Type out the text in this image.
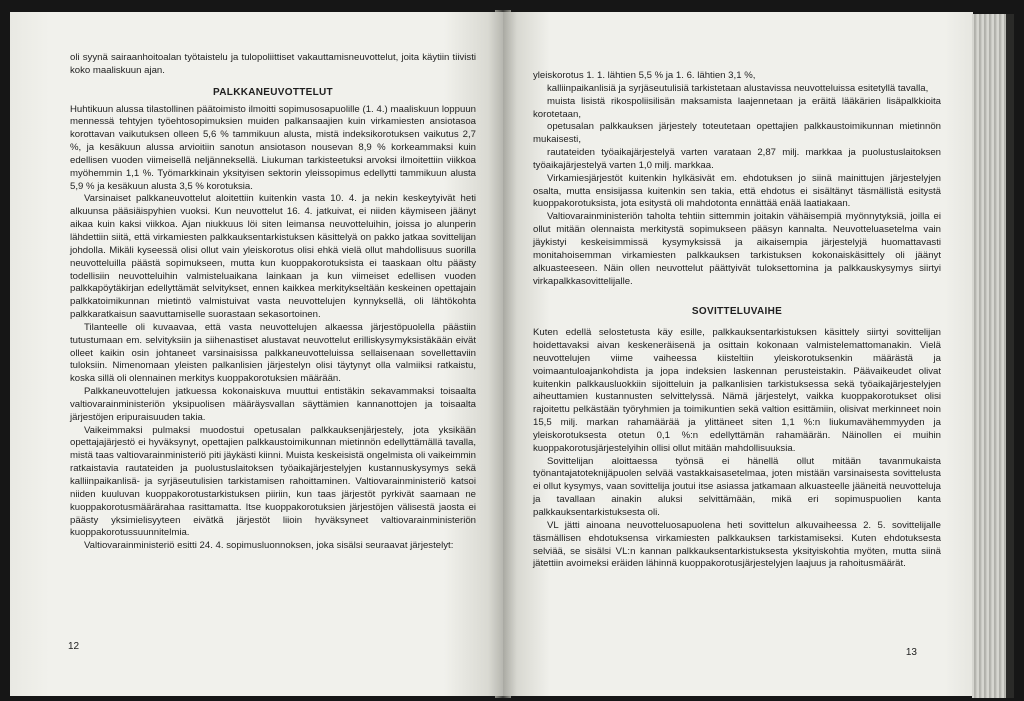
oli syynä sairaanhoitoalan työtaistelu ja tulopoliittiset vakauttamisneuvottelut, joita käytiin tiivisti koko maaliskuun ajan.

PALKKANEUVOTTELUT

Huhtikuun alussa tilastollinen päätoimisto ilmoitti sopimusosapuolille (1. 4.) maaliskuun loppuun mennessä tehtyjen työehtosopimuksien muiden palkansaajien kuin virkamiesten ansiotasoa korottavan vaikutuksen olleen 5,6 % tammikuun alusta, mistä indeksikorotuksen vaikutus 2,7 %, ja kesäkuun alussa arvioitiin sanotun ansiotason nousevan 8,9 % korkeammaksi kuin edellisen vuoden viimeisellä neljänneksellä. Liukuman tarkisteetuksi arvoksi ilmoitettiin viikkoa myöhemmin 1,1 %. Työmarkkinain yksityisen sektorin yleissopimus edellytti tammikuun alusta 5,9 % ja kesäkuun alusta 3,5 % korotuksia.

Varsinaiset palkkaneuvottelut aloitettiin kuitenkin vasta 10. 4. ja nekin keskeytyivät heti alkuunsa pääsiäispyhien vuoksi. Kun neuvottelut 16. 4. jatkuivat, ei niiden käymiseen jäänyt aikaa kuin kaksi viikkoa. Ajan niukkuus löi siten leimansa neuvotteluihin, joissa jo alunperin lähdettiin siitä, että virkamiesten palkkauksentarkistuksen käsittelyä on pakko jatkaa sovittelijan johdolla. Mikäli kyseessä olisi ollut vain yleiskorotus olisi ehkä vielä ollut mahdollisuus suorilla neuvotteluilla päästä sopimukseen, mutta kun kuoppakorotuksista ei taaskaan oltu päästy todellisiin neuvotteluihin valmisteluaikana lainkaan ja kun viimeiset edellisen vuoden palkkapöytäkirjan edellyttämät selvitykset, ennen kaikkea merkitykseltään keskeinen opettajain palkkatoimikunnan mietintö valmistuivat vasta neuvottelujen kynnyksellä, oli lähtökohta palkkaratkaisun saavuttamiselle suorastaan sekasortoinen.

Tilanteelle oli kuvaavaa, että vasta neuvottelujen alkaessa järjestöpuolella päästiin tutustumaan em. selvityksiin ja siihenastiset alustavat neuvottelut erilliskysymyksistäkään eivät olleet kaikin osin johtaneet varsinaisissa palkkaneuvotteluissa sellaisenaan sovellettaviin tuloksiin. Nimenomaan yleisten palkanlisien järjestelyn olisi täytynyt olla valmiiksi ratkaistu, koska sillä oli olennainen merkitys kuoppakorotuksien määrään.

Palkkaneuvottelujen jatkuessa kokonaiskuva muuttui entistäkin sekavammaksi toisaalta valtiovarainministeriön yksipuolisen määräysvallan säyttämien kannanottojen ja toisaalta järjestöjen eripuraisuuden takia.

Vaikeimmaksi pulmaksi muodostui opetusalan palkkauksenjärjestely, jota yksikään opettajajärjestö ei hyväksynyt, opettajien palkkaustoimikunnan mietinnön edellyttämällä tavalla, mistä taas valtiovarainministeriö piti jäykästi kiinni. Muista keskeisistä ongelmista oli vaikeimmin ratkaistavia rautateiden ja puolustuslaitoksen työaikajärjestelyjen kustannuskysymys sekä kalliinpaikanlisä- ja syrjäseutulisien tarkistamisen rahoittaminen. Valtiovarainministeriö katsoi niiden kuuluvan kuoppakorotustarkistuksen piiriin, kun taas järjestöt pyrkivät saamaan ne kuoppakorotusmäärärahaa rasittamatta. Itse kuoppakorotuksien järjestöjen välisestä jaosta ei päästy yksimielisyyteen eivätkä järjestöt liioin hyväksyneet valtiovarainministeriön kuoppakorotussuunnitelmia.

Valtiovarainministeriö esitti 24. 4. sopimusluonnoksen, joka sisälsi seuraavat järjestelyt:

12

yleiskorotus 1. 1. lähtien 5,5 % ja 1. 6. lähtien 3,1 %,

kalliinpaikanlisiä ja syrjäseutulisiä tarkistetaan alustavissa neuvotteluissa esitetyllä tavalla,

muista lisistä rikospoliisilisän maksamista laajennetaan ja eräitä lääkärien lisäpalkkioita korotetaan,

opetusalan palkkauksen järjestely toteutetaan opettajien palkkaustoimikunnan mietinnön mukaisesti,

rautateiden työaikajärjestelyä varten varataan 2,87 milj. markkaa ja puolustuslaitoksen työaikajärjestelyä varten 1,0 milj. markkaa.

Virkamiesjärjestöt kuitenkin hylkäsivät em. ehdotuksen jo siinä mainittujen järjestelyjen osalta, mutta ensisijassa kuitenkin sen takia, että ehdotus ei sisältänyt täsmällistä esitystä kuoppakorotuksista, jota esitystä oli mahdotonta ennättää enää laatiakaan.

Valtiovarainministeriön taholta tehtiin sittemmin joitakin vähäisempiä myönnytyksiä, joilla ei ollut mitään olennaista merkitystä sopimukseen pääsyn kannalta. Neuvotteluasetelma vain jäykistyi keskeisimmissä kysymyksissä ja aikaisempia järjestelyjä huomattavasti monitahoisemman virkamiesten palkkauksen tarkistuksen kokonaiskäsittely oli jäänyt alkuasteeseen. Näin ollen neuvottelut päättyivät tuloksettomina ja palkkauskysymys siirtyi virkapalkkasovittelijalle.

SOVITTELUVAIHE

Kuten edellä selostetusta käy esille, palkkauksentarkistuksen käsittely siirtyi sovittelijan hoidettavaksi aivan keskeneräisenä ja osittain kokonaan valmistelemattomanakin. Vielä neuvottelujen viime vaiheessa kiisteltiin yleiskorotuksenkin määrästä ja voimaantuloajankohdista ja jopa indeksien laskennan perusteistakin. Päävaikeudet olivat kuitenkin palkkausluokkiin sijoitteluin ja palkanlisien tarkistuksessa sekä työaikajärjestelyjen aiheuttamien kustannusten selvittelyssä. Nämä järjestelyt, vaikka kuoppakorotukset olisi rajoitettu pelkästään työryhmien ja toimikuntien sekä valtion esittämiin, olisivat merkinneet noin 15,5 milj. markan rahamäärää ja ylittäneet siten 1,1 %:n liukumavähemmyyden ja yleiskorotuksesta otetun 0,1 %:n edellyttämän rahamäärän. Näinollen ei muihin kuoppakorotusjärjestelyihin ollisi ollut mitään mahdollisuuksia.

Sovittelijan aloittaessa työnsä ei hänellä ollut mitään tavanmukaista työnantajatoteknijäpuolen selvää vastakkaisasetelmaa, joten mistään varsinaisesta sovittelusta ei ollut kysymys, vaan sovittelija joutui itse asiassa jatkamaan alkuasteelle jääneitä neuvotteluja ja tavallaan ainakin aluksi selvittämään, mikä eri sopimuspuolien kanta palkkauksentarkistuksesta oli.

VL jätti ainoana neuvotteluosapuolena heti sovittelun alkuvaiheessa 2. 5. sovittelijalle täsmällisen ehdotuksensa virkamiesten palkkauksen tarkistamiseksi. Kuten ehdotuksesta selviää, se sisälsi VL:n kannan palkkauksentarkistuksesta yksityiskohtia myöten, mutta siinä jätettiin avoimeksi eräiden lähinnä kuoppakorotusjärjestelyjen laajuus ja rahoitusmäärät.

13
